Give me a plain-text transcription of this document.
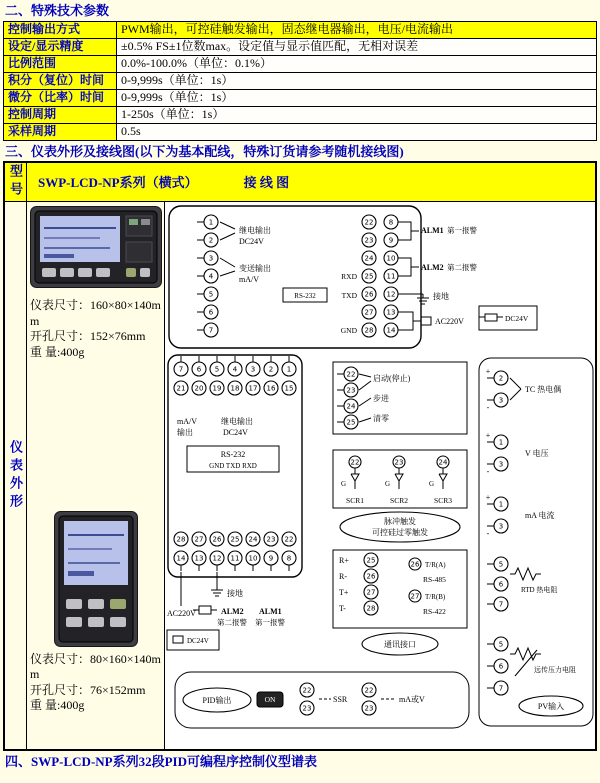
二、特殊技术参数
控制输出方式	PWM输出，可控硅触发输出，固态继电器输出，电压/电流输出
设定/显示精度	±0.5% FS±1位数max。设定值与显示值匹配，无相对误差
比例范围	0.0%-100.0%（单位：0.1%）
积分（复位）时间	0-9,999s（单位：1s）
微分（比率）时间	0-9,999s（单位：1s）
控制周期	1-250s（单位：1s）
采样周期	0.5s
三、仪表外形及接线图(以下为基本配线，特殊订货请参考随机接线图)
型号	SWP-LCD-NP系列（横式） 接 线 图	

仪表外形

仪表尺寸：160×80×140mm
开孔尺寸：152×76mm
重 量:400g
仪表尺寸：80×160×140mm
开孔尺寸：76×152mm
重 量:400g

1
2
3
4
5
6
7
继电输出
DC24V
变送输出
mA/V	RXD
RS-232	TXD
GND
22
23
24
25
26
27
28
8
9
10
11
12
13
14
ALM1 第一报警
ALM2 第二报警
接地
AC220V	DC24V
7 6 5 4 3 2 1
21 20 19 18 17 16 15
mA/V
输出
继电输出
DC24V
RS-232
GND TXD RXD
28 27 26 25 24 23 22
14 13 12 11 10 9 8
接地
AC220V	ALM2
第二报警
ALM1
第一报警
DC24V
22
23
24
25
启动(停止)
步进
清零
22	23	24
G	G	G
SCR1	SCR2	SCR3
脉冲触发
可控硅过零触发
R+
R-
T+
T-
25
26
27
28
26 T/R(A)
RS-485
27 T/R(B)
RS-422
通讯接口
PID输出	ON
22
23
SSR
22
23
mA或V
2
3
+
-
TC 热电偶
1
3
+
-
V 电压
1
3
+
-
mA 电流
5
6
7
RTD 热电阻
5
6
7
远传压力电阻
PV输入
四、SWP-LCD-NP系列32段PID可编程序控制仪型谱表
